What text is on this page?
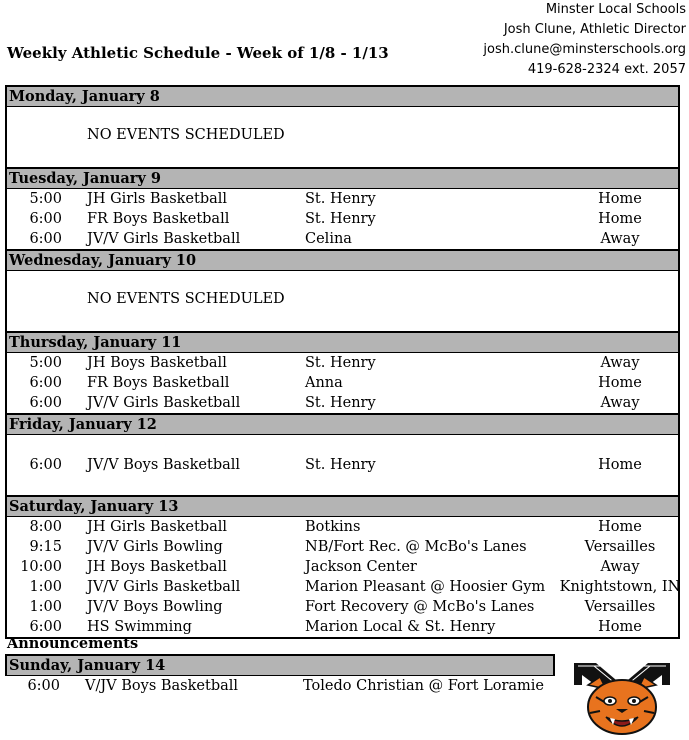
Weekly Athletic Schedule - Week of 1/8 - 1/13
Minster Local Schools
Josh Clune, Athletic Director
josh.clune@minsterschools.org
419-628-2324 ext. 2057
Monday, January 8
NO EVENTS SCHEDULED
Tuesday, January 9
5:00 JH Girls Basketball	St. Henry	Home
6:00 FR Boys Basketball	St. Henry	Home
6:00 JV/V Girls Basketball	Celina	Away
Wednesday, January 10
NO EVENTS SCHEDULED
Thursday, January 11
5:00 JH Boys Basketball	St. Henry	Away
6:00 FR Boys Basketball	Anna	Home
6:00 JV/V Girls Basketball	St. Henry	Away
Friday, January 12
6:00 JV/V Boys Basketball	St. Henry	Home
Saturday, January 13
8:00 JH Girls Basketball	Botkins	Home
9:15 JV/V Girls Bowling	NB/Fort Rec. @ McBo's Lanes	Versailles
10:00 JH Boys Basketball	Jackson Center	Away
1:00 JV/V Girls Basketball	Marion Pleasant @ Hoosier Gym	Knightstown, IN
1:00 JV/V Boys Bowling	Fort Recovery @ McBo's Lanes	Versailles
6:00 HS Swimming	Marion Local & St. Henry	Home
Announcements
Sunday, January 14
6:00 V/JV Boys Basketball	Toledo Christian @ Fort Loramie
